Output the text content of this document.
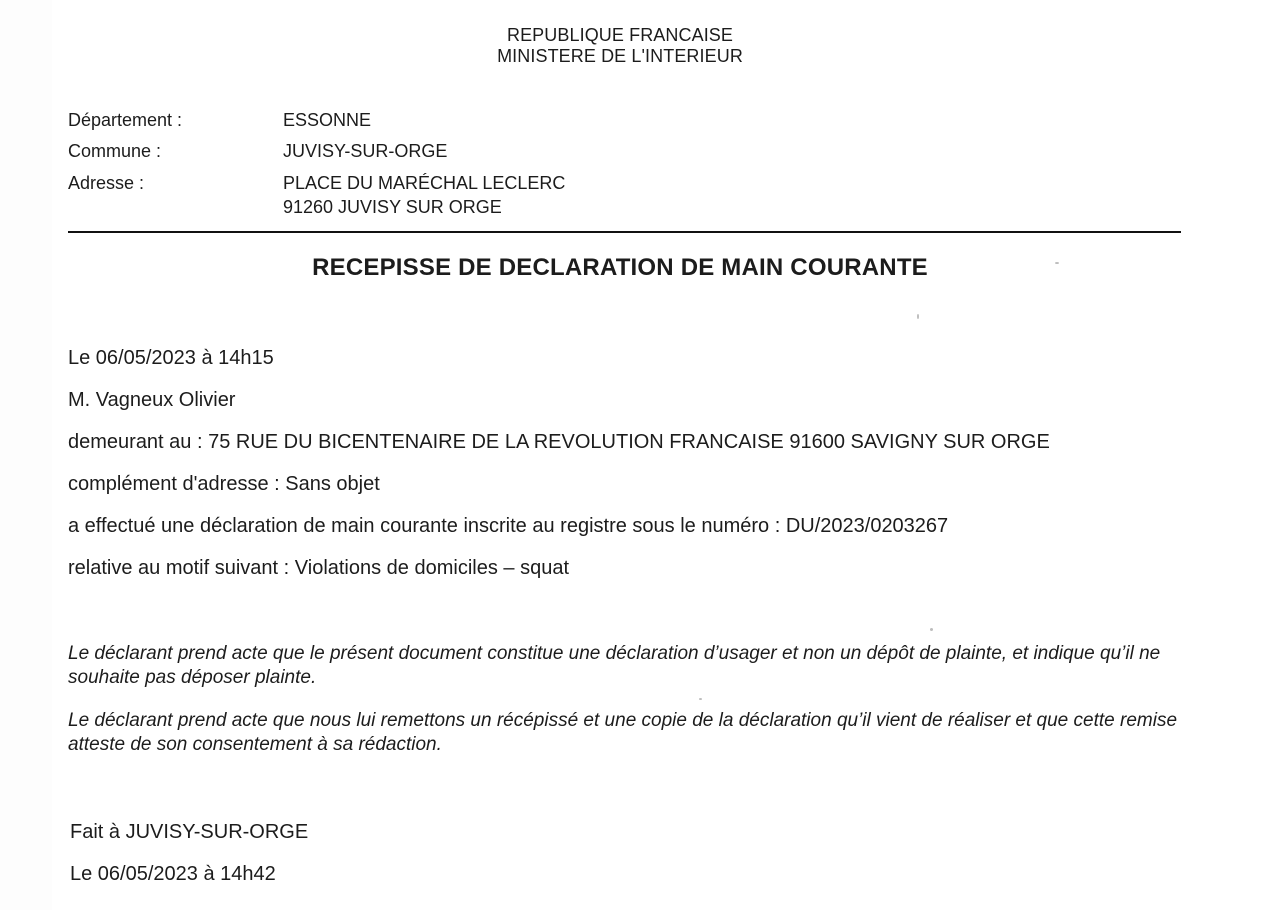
REPUBLIQUE FRANCAISE
MINISTERE DE L'INTERIEUR
Département :	ESSONNE
Commune :	JUVISY-SUR-ORGE
Adresse :	PLACE DU MARÉCHAL LECLERC
91260 JUVISY SUR ORGE
RECEPISSE DE DECLARATION DE MAIN COURANTE
Le 06/05/2023 à 14h15
M. Vagneux Olivier
demeurant au : 75 RUE DU BICENTENAIRE DE LA REVOLUTION FRANCAISE 91600 SAVIGNY SUR ORGE
complément d'adresse : Sans objet
a effectué une déclaration de main courante inscrite au registre sous le numéro : DU/2023/0203267
relative au motif suivant : Violations de domiciles – squat
Le déclarant prend acte que le présent document constitue une déclaration d’usager et non un dépôt de plainte, et indique qu’il ne souhaite pas déposer plainte.
Le déclarant prend acte que nous lui remettons un récépissé et une copie de la déclaration qu’il vient de réaliser et que cette remise atteste de son consentement à sa rédaction.
Fait à JUVISY-SUR-ORGE
Le 06/05/2023 à 14h42
